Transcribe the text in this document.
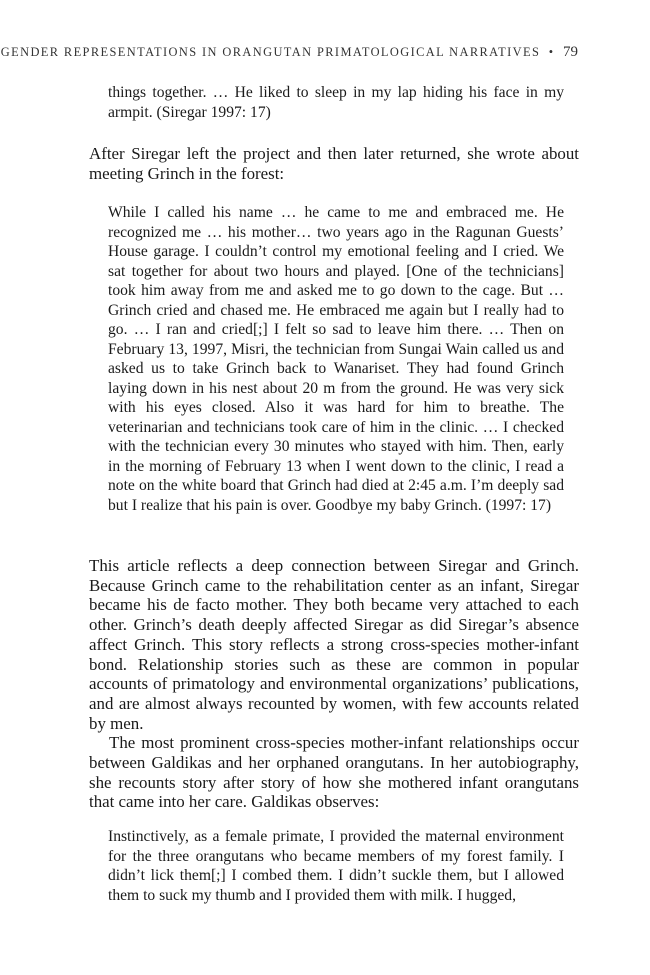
GENDER REPRESENTATIONS IN ORANGUTAN PRIMATOLOGICAL NARRATIVES • 79
things together. … He liked to sleep in my lap hiding his face in my armpit. (Siregar 1997: 17)

After Siregar left the project and then later returned, she wrote about meeting Grinch in the forest:

While I called his name … he came to me and embraced me. He recognized me … his mother… two years ago in the Ragunan Guests’ House garage. I couldn’t control my emotional feeling and I cried. We sat together for about two hours and played. [One of the technicians] took him away from me and asked me to go down to the cage. But … Grinch cried and chased me. He embraced me again but I really had to go. … I ran and cried[;] I felt so sad to leave him there. … Then on February 13, 1997, Misri, the technician from Sungai Wain called us and asked us to take Grinch back to Wanariset. They had found Grinch laying down in his nest about 20 m from the ground. He was very sick with his eyes closed. Also it was hard for him to breathe. The veterinarian and technicians took care of him in the clinic. … I checked with the technician every 30 minutes who stayed with him. Then, early in the morning of February 13 when I went down to the clinic, I read a note on the white board that Grinch had died at 2:45 a.m. I’m deeply sad but I realize that his pain is over. Goodbye my baby Grinch. (1997: 17)

This article reflects a deep connection between Siregar and Grinch. Because Grinch came to the rehabilitation center as an infant, Siregar became his de facto mother. They both became very attached to each other. Grinch’s death deeply affected Siregar as did Siregar’s absence affect Grinch. This story reflects a strong cross-species mother-infant bond. Relationship stories such as these are common in popular accounts of primatology and environmental organizations’ publications, and are almost always recounted by women, with few accounts related by men.

The most prominent cross-species mother-infant relationships occur between Galdikas and her orphaned orangutans. In her autobiography, she recounts story after story of how she mothered infant orangutans that came into her care. Galdikas observes:

Instinctively, as a female primate, I provided the maternal environment for the three orangutans who became members of my forest family. I didn’t lick them[;] I combed them. I didn’t suckle them, but I allowed them to suck my thumb and I provided them with milk. I hugged,
